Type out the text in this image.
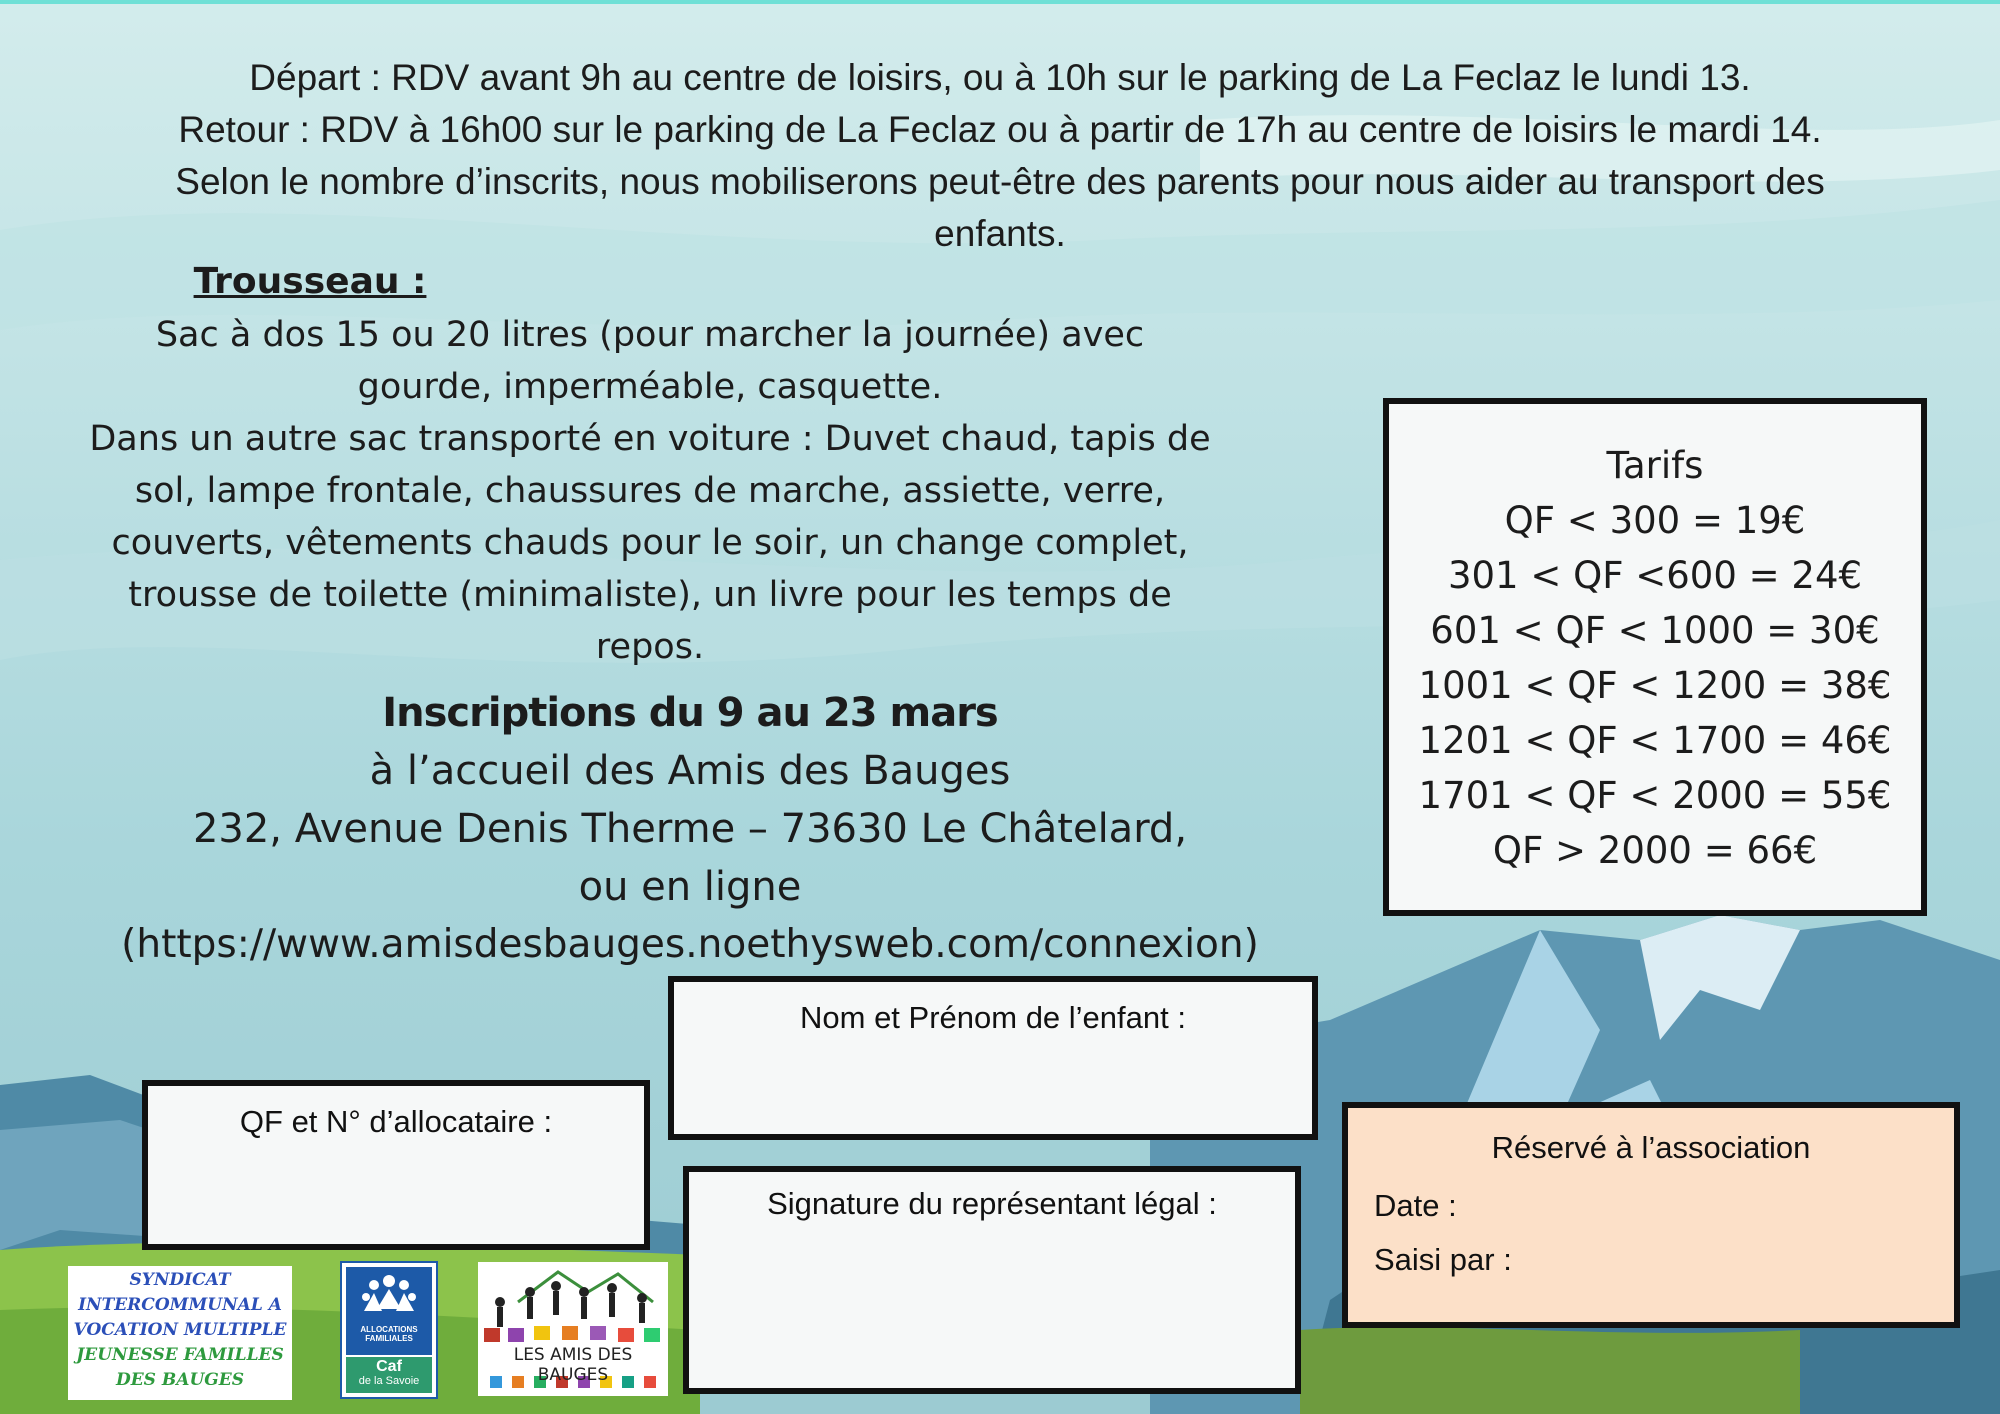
Départ : RDV avant 9h au centre de loisirs, ou à 10h sur le parking de La Feclaz le lundi 13.
Retour : RDV à 16h00 sur le parking de La Feclaz ou à partir de 17h au centre de loisirs le mardi 14.
Selon le nombre d’inscrits, nous mobiliserons peut-être des parents pour nous aider au transport des
enfants.
Trousseau :
Sac à dos 15 ou 20 litres (pour marcher la journée) avec
gourde, imperméable, casquette.
Dans un autre sac transporté en voiture : Duvet chaud, tapis de
sol, lampe frontale, chaussures de marche, assiette, verre,
couverts, vêtements chauds pour le soir, un change complet,
trousse de toilette (minimaliste), un livre pour les temps de
repos.
Inscriptions du 9 au 23 mars
à l’accueil des Amis des Bauges
232, Avenue Denis Therme – 73630 Le Châtelard,
ou en ligne
(https://www.amisdesbauges.noethysweb.com/connexion)
Tarifs
QF < 300 = 19€
301 < QF <600 = 24€
601 < QF < 1000 = 30€
1001 < QF < 1200 = 38€
1201 < QF < 1700 = 46€
1701 < QF < 2000 = 55€
QF > 2000 = 66€
Nom et Prénom de l’enfant :
QF et N° d’allocataire :
Signature du représentant légal :
Réservé à l’association
Date :
Saisi par :
SYNDICAT
INTERCOMMUNAL A
VOCATION MULTIPLE
JEUNESSE FAMILLES
DES BAUGES
ALLOCATIONS
FAMILIALES
Caf
de la Savoie
LES AMIS DES BAUGES
